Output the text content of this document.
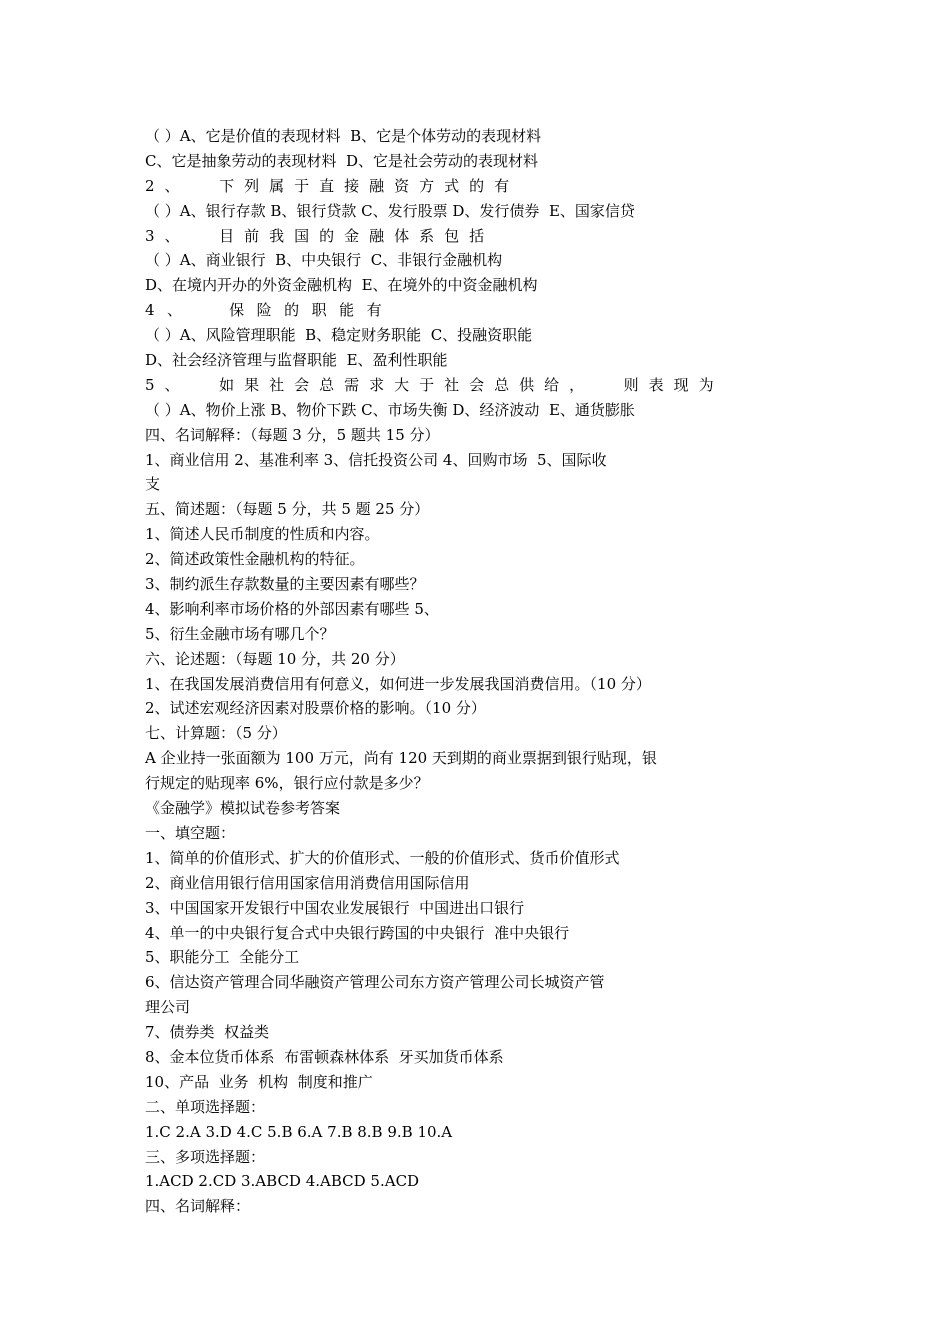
（ ）A、它是价值的表现材料  B、它是个体劳动的表现材料
C、它是抽象劳动的表现材料  D、它是社会劳动的表现材料
2、  下列属于直接融资方式的有
（ ）A、银行存款 B、银行贷款 C、发行股票 D、发行债券  E、国家信贷
3、  目前我国的金融体系包括
（ ）A、商业银行  B、中央银行  C、非银行金融机构
D、在境内开办的外资金融机构  E、在境外的中资金融机构
4、  保险的职能有
（ ）A、风险管理职能  B、稳定财务职能  C、投融资职能
D、社会经济管理与监督职能  E、盈利性职能
5、  如果社会总需求大于社会总供给，  则表现为
（ ）A、物价上涨 B、物价下跌 C、市场失衡 D、经济波动  E、通货膨胀
四、名词解释：（每题 3 分，5 题共 15 分）
1、商业信用 2、基准利率 3、信托投资公司 4、回购市场  5、国际收
支
五、简述题：（每题 5 分，共 5 题 25 分）
1、简述人民币制度的性质和内容。
2、简述政策性金融机构的特征。
3、制约派生存款数量的主要因素有哪些？
4、影响利率市场价格的外部因素有哪些 5、
5、衍生金融市场有哪几个？
六、论述题：（每题 10 分，共 20 分）
1、在我国发展消费信用有何意义，如何进一步发展我国消费信用。（10 分）
2、试述宏观经济因素对股票价格的影响。（10 分）
七、计算题：（5 分）
A 企业持一张面额为 100 万元，尚有 120 天到期的商业票据到银行贴现，银
行规定的贴现率 6%，银行应付款是多少？
《金融学》模拟试卷参考答案
一、填空题：
1、简单的价值形式、扩大的价值形式、一般的价值形式、货币价值形式
2、商业信用银行信用国家信用消费信用国际信用
3、中国国家开发银行中国农业发展银行  中国进出口银行
4、单一的中央银行复合式中央银行跨国的中央银行  准中央银行
5、职能分工  全能分工
6、信达资产管理合同华融资产管理公司东方资产管理公司长城资产管
理公司
7、债券类  权益类
8、金本位货币体系  布雷顿森林体系  牙买加货币体系
10、产品  业务  机构  制度和推广
二、单项选择题：
1.C 2.A 3.D 4.C 5.B 6.A 7.B 8.B 9.B 10.A
三、多项选择题：
1.ACD 2.CD 3.ABCD 4.ABCD 5.ACD
四、名词解释：
